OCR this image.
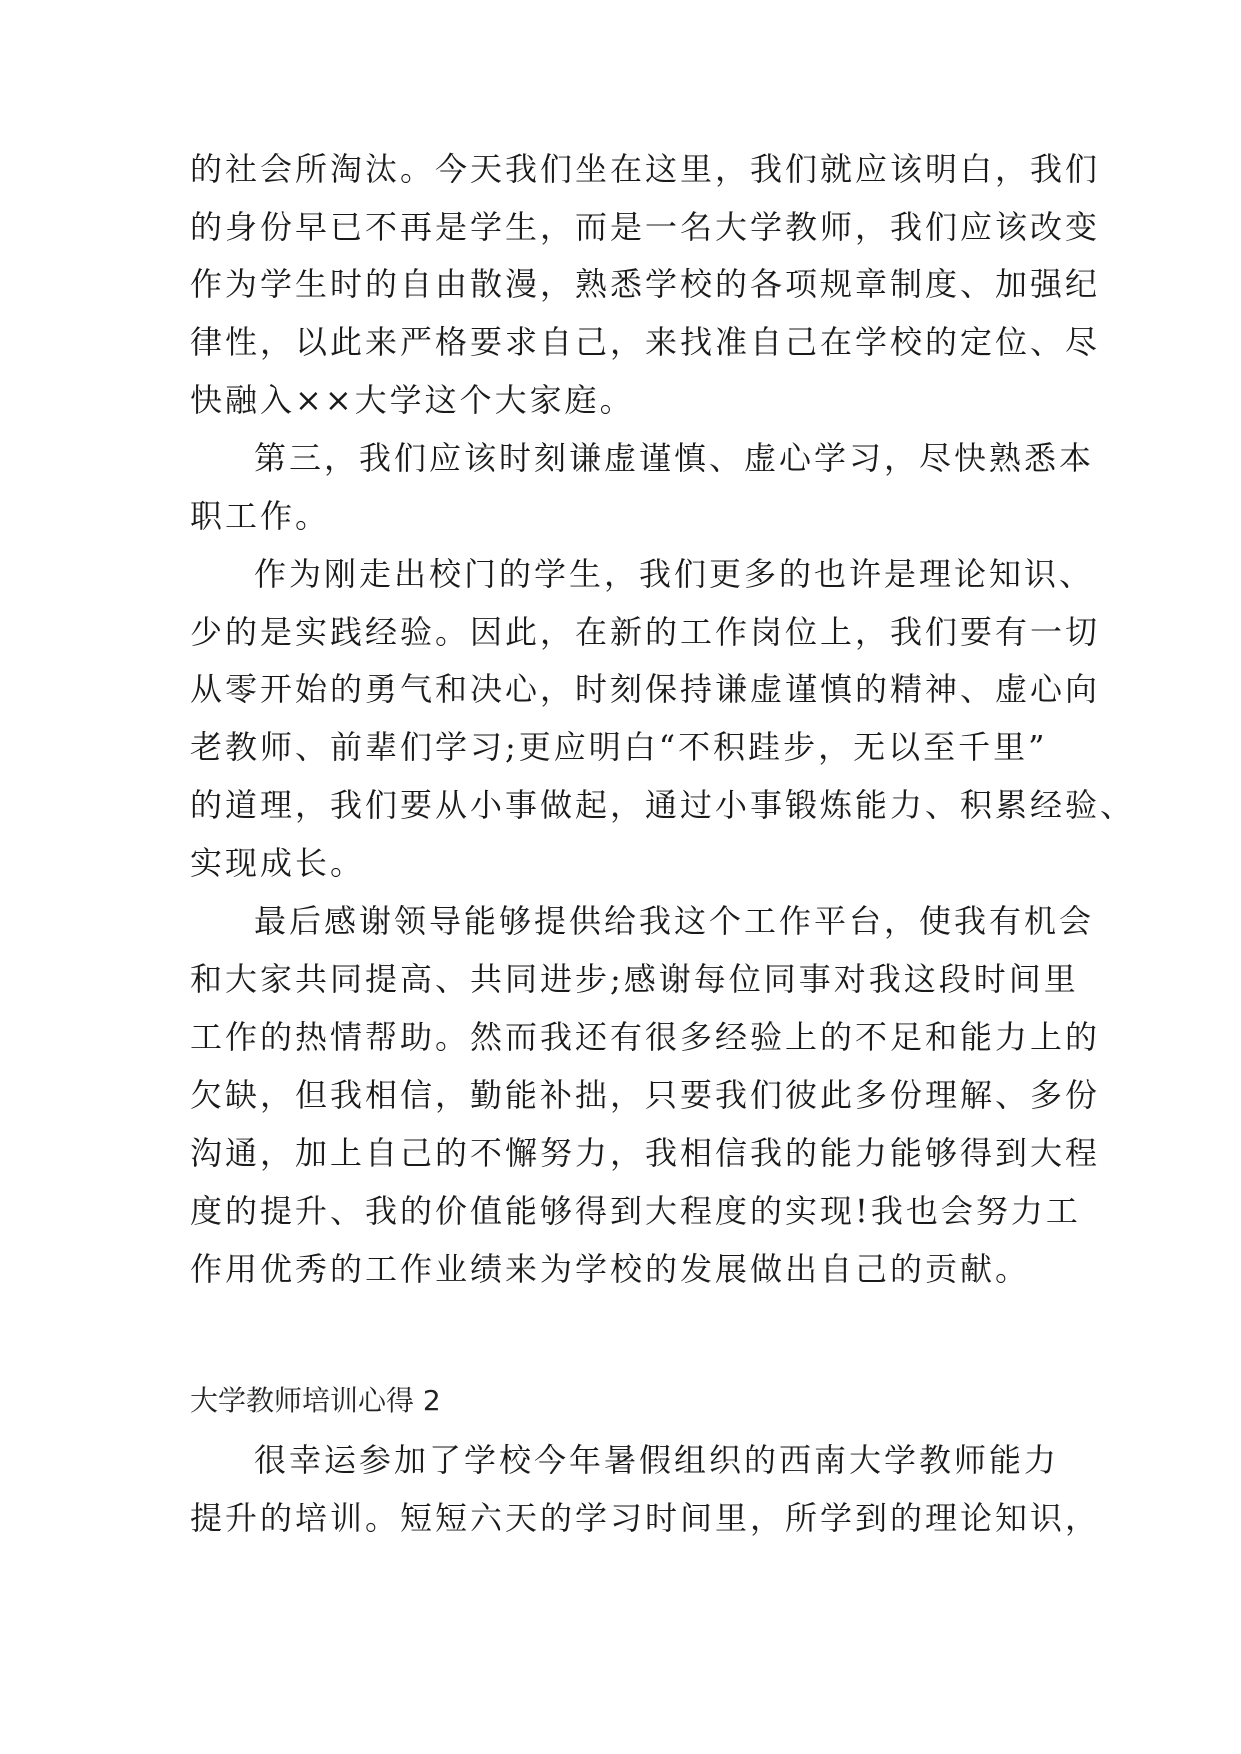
的社会所淘汰。今天我们坐在这里，我们就应该明白，我们
的身份早已不再是学生，而是一名大学教师，我们应该改变
作为学生时的自由散漫，熟悉学校的各项规章制度、加强纪
律性，以此来严格要求自己，来找准自己在学校的定位、尽
快融入××大学这个大家庭。
第三，我们应该时刻谦虚谨慎、虚心学习，尽快熟悉本
职工作。
作为刚走出校门的学生，我们更多的也许是理论知识、
少的是实践经验。因此，在新的工作岗位上，我们要有一切
从零开始的勇气和决心，时刻保持谦虚谨慎的精神、虚心向
老教师、前辈们学习;更应明白“不积跬步，无以至千里”
的道理，我们要从小事做起，通过小事锻炼能力、积累经验、
实现成长。
最后感谢领导能够提供给我这个工作平台，使我有机会
和大家共同提高、共同进步;感谢每位同事对我这段时间里
工作的热情帮助。然而我还有很多经验上的不足和能力上的
欠缺，但我相信，勤能补拙，只要我们彼此多份理解、多份
沟通，加上自己的不懈努力，我相信我的能力能够得到大程
度的提升、我的价值能够得到大程度的实现!我也会努力工
作用优秀的工作业绩来为学校的发展做出自己的贡献。
大学教师培训心得 2
很幸运参加了学校今年暑假组织的西南大学教师能力
提升的培训。短短六天的学习时间里，所学到的理论知识，
